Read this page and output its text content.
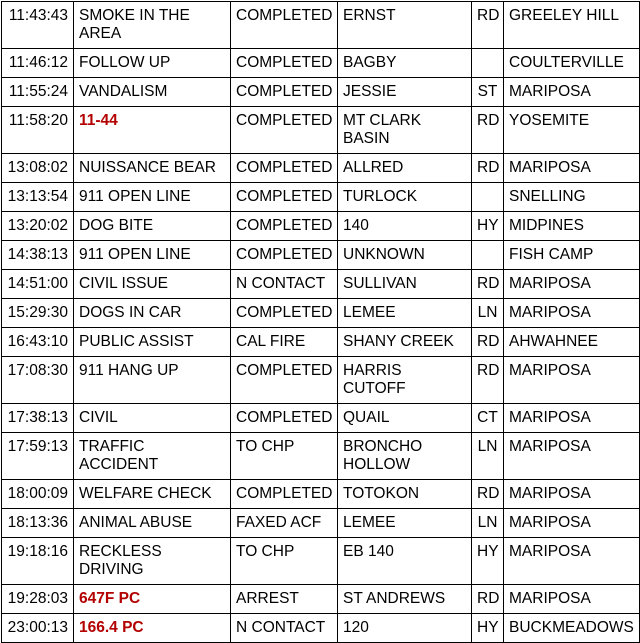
11:43:43	SMOKE IN THE AREA	COMPLETED	ERNST	RD	GREELEY HILL
11:46:12	FOLLOW UP	COMPLETED	BAGBY		COULTERVILLE
11:55:24	VANDALISM	COMPLETED	JESSIE	ST	MARIPOSA
11:58:20	11-44	COMPLETED	MT CLARK BASIN	RD	YOSEMITE
13:08:02	NUISSANCE BEAR	COMPLETED	ALLRED	RD	MARIPOSA
13:13:54	911 OPEN LINE	COMPLETED	TURLOCK		SNELLING
13:20:02	DOG BITE	COMPLETED	140	HY	MIDPINES
14:38:13	911 OPEN LINE	COMPLETED	UNKNOWN		FISH CAMP
14:51:00	CIVIL ISSUE	N CONTACT	SULLIVAN	RD	MARIPOSA
15:29:30	DOGS IN CAR	COMPLETED	LEMEE	LN	MARIPOSA
16:43:10	PUBLIC ASSIST	CAL FIRE	SHANY CREEK	RD	AHWAHNEE
17:08:30	911 HANG UP	COMPLETED	HARRIS CUTOFF	RD	MARIPOSA
17:38:13	CIVIL	COMPLETED	QUAIL	CT	MARIPOSA
17:59:13	TRAFFIC ACCIDENT	TO CHP	BRONCHO HOLLOW	LN	MARIPOSA
18:00:09	WELFARE CHECK	COMPLETED	TOTOKON	RD	MARIPOSA
18:13:36	ANIMAL ABUSE	FAXED ACF	LEMEE	LN	MARIPOSA
19:18:16	RECKLESS DRIVING	TO CHP	EB 140	HY	MARIPOSA
19:28:03	647F PC	ARREST	ST ANDREWS	RD	MARIPOSA
23:00:13	166.4 PC	N CONTACT	120	HY	BUCKMEADOWS
